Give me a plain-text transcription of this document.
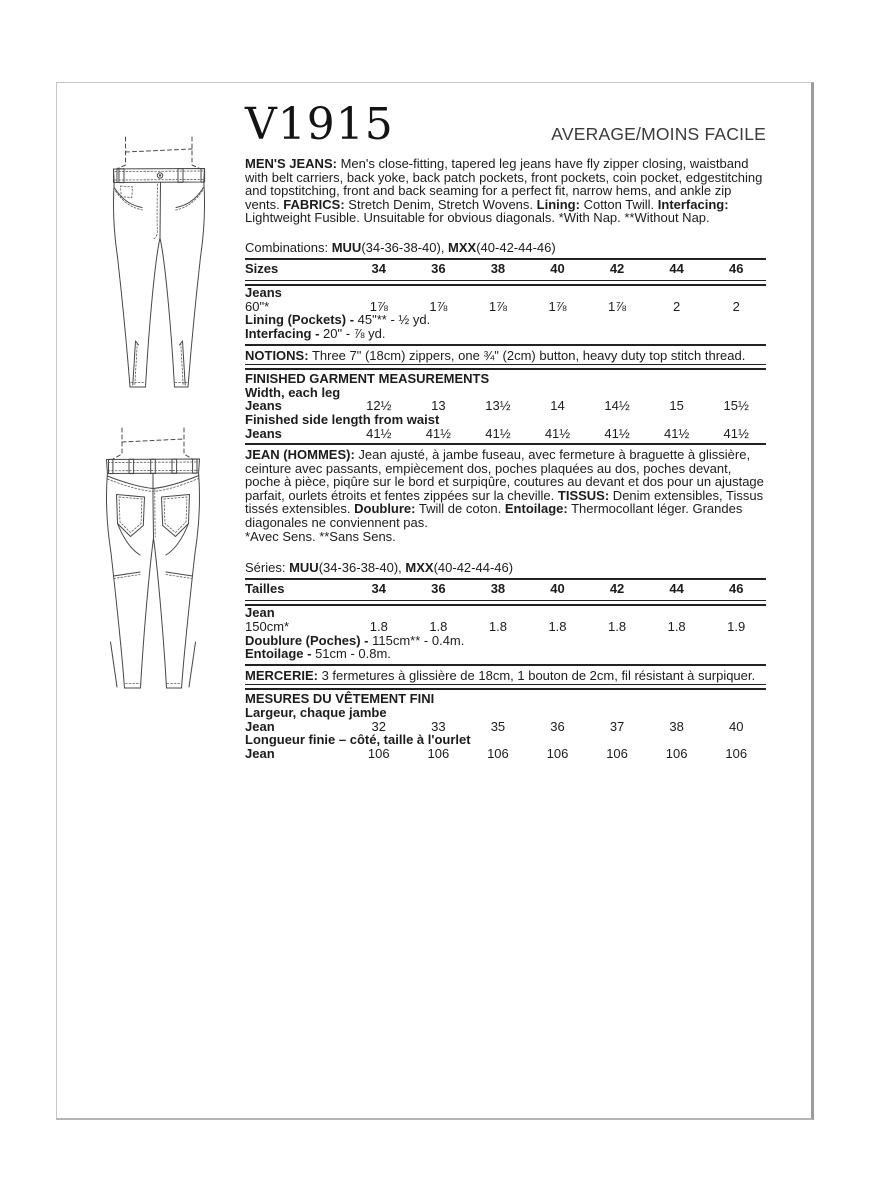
V1915	AVERAGE/MOINS FACILE
MEN'S JEANS: Men's close-fitting, tapered leg jeans have fly zipper closing, waistband with belt carriers, back yoke, back patch pockets, front pockets, coin pocket, edgestitching and topstitching, front and back seaming for a perfect fit, narrow hems, and ankle zip vents. FABRICS: Stretch Denim, Stretch Wovens. Lining: Cotton Twill. Interfacing: Lightweight Fusible. Unsuitable for obvious diagonals. *With Nap. **Without Nap.
Combinations: MUU(34-36-38-40), MXX(40-42-44-46)
Sizes	34	36	38	40	42	44	46
Jeans
60"*	1⅞	1⅞	1⅞	1⅞	1⅞	2	2
Lining (Pockets) - 45"** - ½ yd.
Interfacing - 20" - ⅞ yd.
NOTIONS: Three 7" (18cm) zippers, one ¾" (2cm) button, heavy duty top stitch thread.
FINISHED GARMENT MEASUREMENTS
Width, each leg
Jeans	12½	13	13½	14	14½	15	15½
Finished side length from waist
Jeans	41½	41½	41½	41½	41½	41½	41½
JEAN (HOMMES): Jean ajusté, à jambe fuseau, avec fermeture à braguette à glissière, ceinture avec passants, empiècement dos, poches plaquées au dos, poches devant, poche à pièce, piqûre sur le bord et surpiqûre, coutures au devant et dos pour un ajustage parfait, ourlets étroits et fentes zippées sur la cheville. TISSUS: Denim extensibles, Tissus tissés extensibles. Doublure: Twill de coton. Entoilage: Thermocollant léger. Grandes diagonales ne conviennent pas.
*Avec Sens. **Sans Sens.
Séries: MUU(34-36-38-40), MXX(40-42-44-46)
Tailles	34	36	38	40	42	44	46
Jean
150cm*	1.8	1.8	1.8	1.8	1.8	1.8	1.9
Doublure (Poches) - 115cm** - 0.4m.
Entoilage - 51cm - 0.8m.
MERCERIE: 3 fermetures à glissière de 18cm, 1 bouton de 2cm, fil résistant à surpiquer.
MESURES DU VÊTEMENT FINI
Largeur, chaque jambe
Jean	32	33	35	36	37	38	40
Longueur finie – côté, taille à l'ourlet
Jean	106	106	106	106	106	106	106
